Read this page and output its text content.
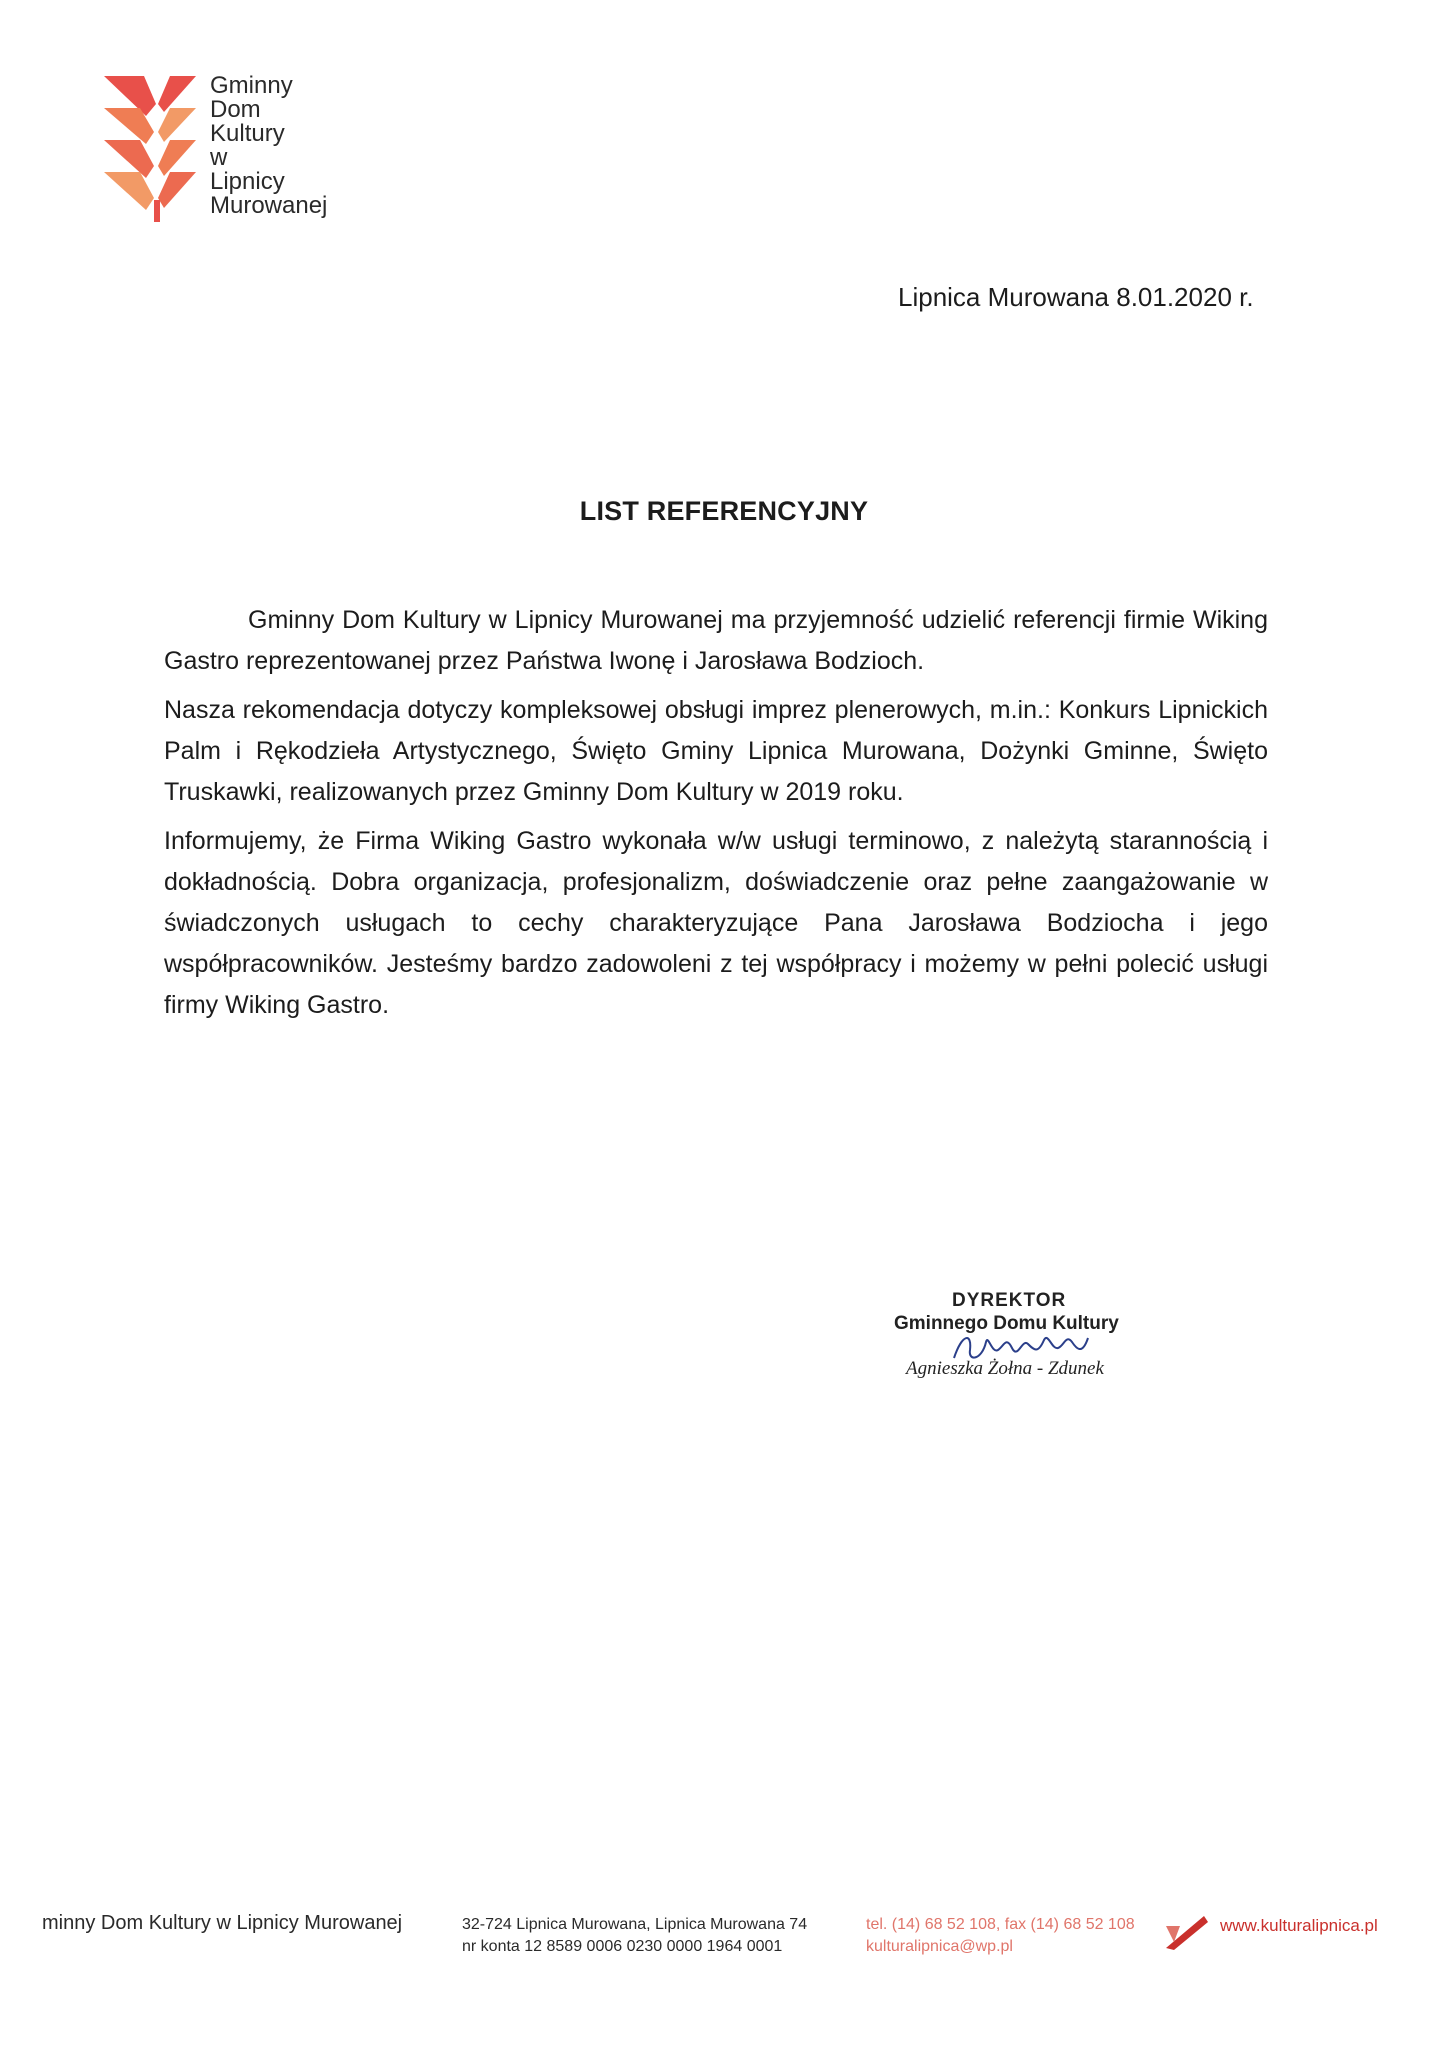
Gminny
Dom
Kultury
w
Lipnicy
Murowanej
Lipnica Murowana 8.01.2020 r.
LIST REFERENCYJNY

Gminny Dom Kultury w Lipnicy Murowanej ma przyjemność udzielić referencji firmie Wiking Gastro reprezentowanej przez Państwa Iwonę i Jarosława Bodzioch.

Nasza rekomendacja dotyczy kompleksowej obsługi imprez plenerowych, m.in.: Konkurs Lipnickich Palm i Rękodzieła Artystycznego, Święto Gminy Lipnica Murowana, Dożynki Gminne, Święto Truskawki, realizowanych przez Gminny Dom Kultury w 2019 roku.

Informujemy, że Firma Wiking Gastro wykonała w/w usługi terminowo, z należytą starannością i dokładnością. Dobra organizacja, profesjonalizm, doświadczenie oraz pełne zaangażowanie w świadczonych usługach to cechy charakteryzujące Pana Jarosława Bodziocha i jego współpracowników. Jesteśmy bardzo zadowoleni z tej współpracy i możemy w pełni polecić usługi firmy Wiking Gastro.

DYREKTOR
Gminnego Domu Kultury
Agnieszka Żołna - Zdunek
minny Dom Kultury w Lipnicy Murowanej	32-724 Lipnica Murowana, Lipnica Murowana 74
nr konta 12 8589 0006 0230 0000 1964 0001
tel. (14) 68 52 108, fax (14) 68 52 108
kulturalipnica@wp.pl
www.kulturalipnica.pl
